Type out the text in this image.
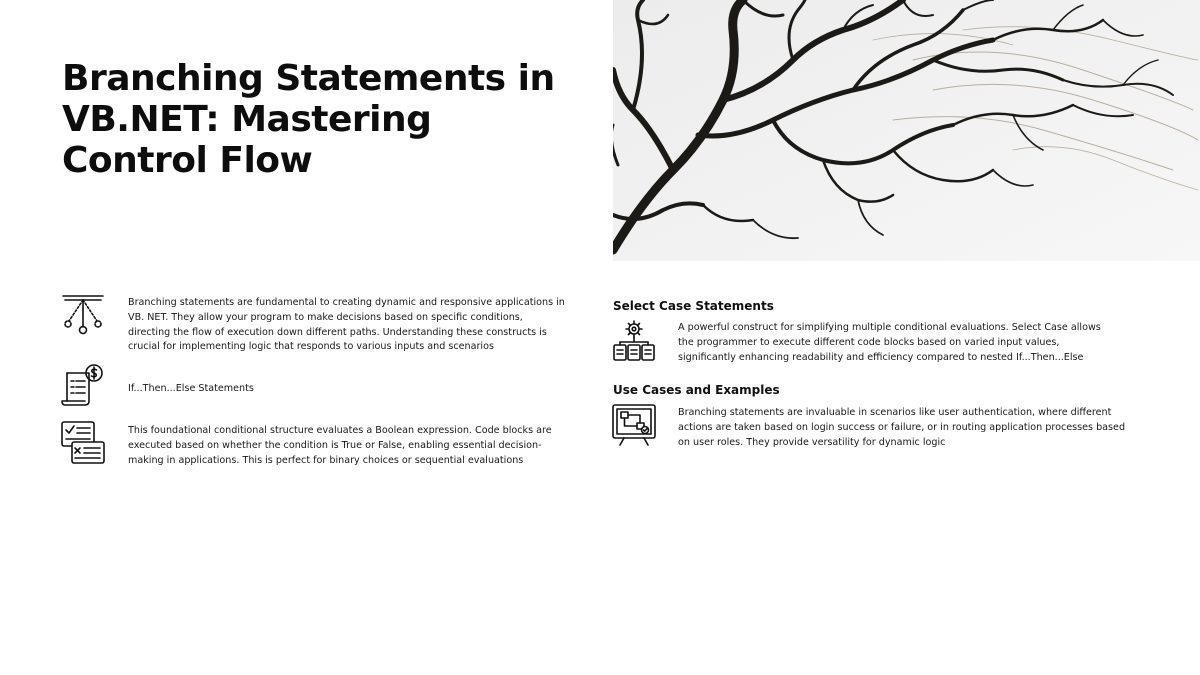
Branching Statements in VB.NET: Mastering Control Flow

Branching statements are fundamental to creating dynamic and responsive applications in VB. NET. They allow your program to make decisions based on specific conditions, directing the flow of execution down different paths. Understanding these constructs is crucial for implementing logic that responds to various inputs and scenarios

If...Then...Else Statements

This foundational conditional structure evaluates a Boolean expression. Code blocks are executed based on whether the condition is True or False, enabling essential decision-making in applications. This is perfect for binary choices or sequential evaluations

Select Case Statements

A powerful construct for simplifying multiple conditional evaluations. Select Case allows the programmer to execute different code blocks based on varied input values, significantly enhancing readability and efficiency compared to nested If...Then...Else

Use Cases and Examples

Branching statements are invaluable in scenarios like user authentication, where different actions are taken based on login success or failure, or in routing application processes based on user roles. They provide versatility for dynamic logic
